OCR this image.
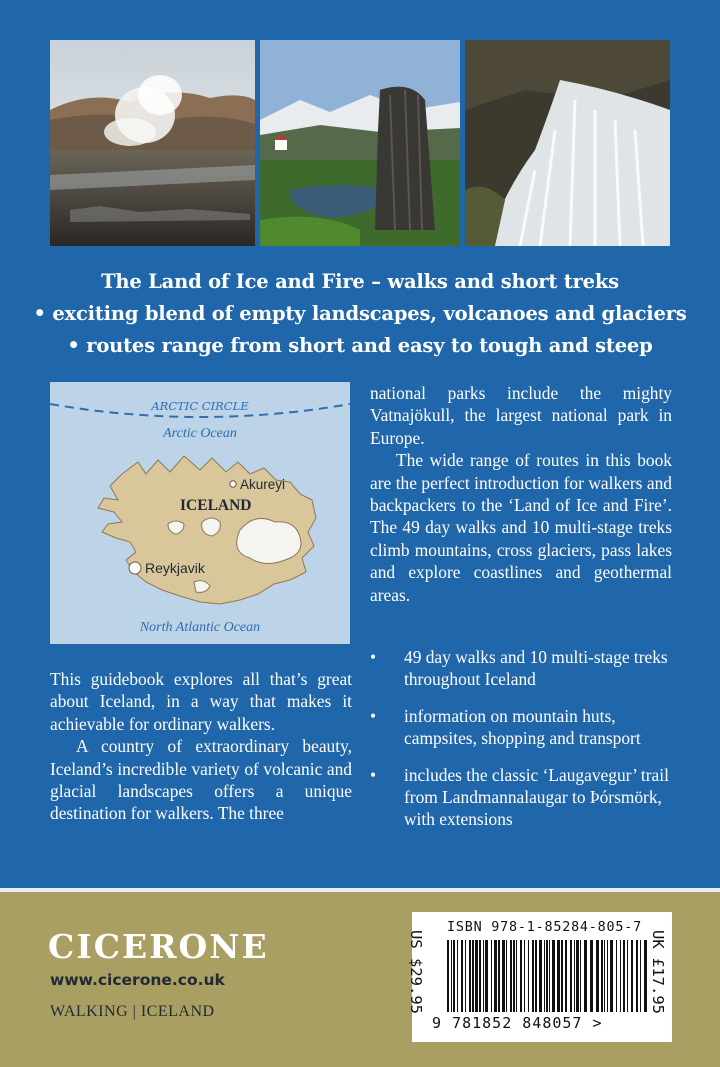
The Land of Ice and Fire – walks and short treks
• exciting blend of empty landscapes, volcanoes and glaciers
• routes range from short and easy to tough and steep
ARCTIC CIRCLE
Arctic Ocean
Akureyi
ICELAND
Reykjavik
North Atlantic Ocean

national parks include the mighty Vatnajökull, the largest national park in Europe.

The wide range of routes in this book are the perfect introduction for walkers and backpackers to the ‘Land of Ice and Fire’. The 49 day walks and 10 multi-stage treks climb mountains, cross glaciers, pass lakes and explore coastlines and geothermal areas.

• 49 day walks and 10 multi-stage treks throughout Iceland
• information on mountain huts, campsites, shopping and transport
• includes the classic ‘Laugavegur’ trail from Landmannalaugar to Þórsmörk, with extensions

This guidebook explores all that’s great about Iceland, in a way that makes it achievable for ordinary walkers.

A country of extraordinary beauty, Iceland’s incredible variety of volcanic and glacial landscapes offers a unique destination for walkers. The three

CICERONE
www.cicerone.co.uk
WALKING | ICELAND	US $29.95	UK £17.95
ISBN 978-1-85284-805-7
9 781852 848057 >
